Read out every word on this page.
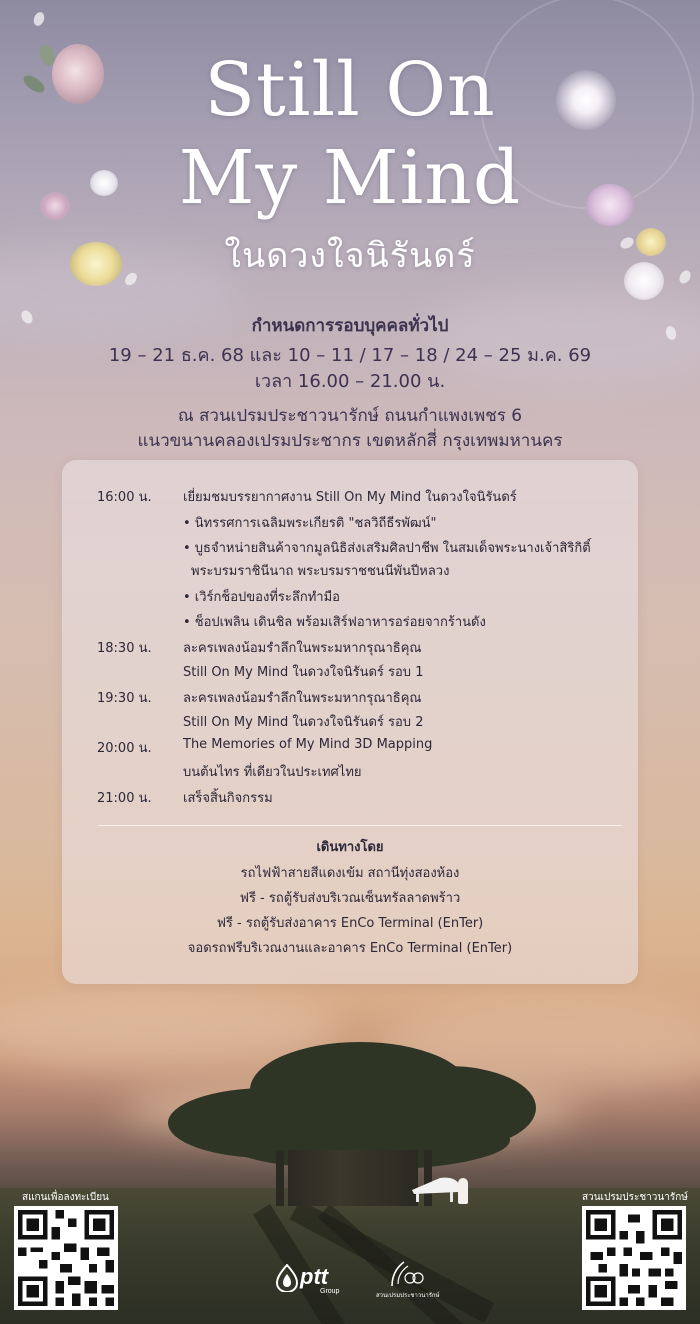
Still On
My Mind
ในดวงใจนิรันดร์
กำหนดการรอบบุคคลทั่วไป
19 – 21 ธ.ค. 68 และ 10 – 11 / 17 – 18 / 24 – 25 ม.ค. 69
เวลา 16.00 – 21.00 น.
ณ สวนเปรมประชาวนารักษ์ ถนนกำแพงเพชร 6
แนวขนานคลองเปรมประชากร เขตหลักสี่ กรุงเทพมหานคร
16:00 น. เยี่ยมชมบรรยากาศงาน Still On My Mind ในดวงใจนิรันดร์
• นิทรรศการเฉลิมพระเกียรติ "ชลวิถีธีรพัฒน์"
• บูธจำหน่ายสินค้าจากมูลนิธิส่งเสริมศิลปาชีพ ในสมเด็จพระนางเจ้าสิริกิติ์
พระบรมราชินีนาถ พระบรมราชชนนีพันปีหลวง
• เวิร์กช็อปของที่ระลึกทำมือ
• ช็อปเพลิน เดินชิล พร้อมเสิร์ฟอาหารอร่อยจากร้านดัง
18:30 น. ละครเพลงน้อมรำลึกในพระมหากรุณาธิคุณ
Still On My Mind ในดวงใจนิรันดร์ รอบ 1
19:30 น. ละครเพลงน้อมรำลึกในพระมหากรุณาธิคุณ
Still On My Mind ในดวงใจนิรันดร์ รอบ 2
20:00 น. The Memories of My Mind 3D Mapping
บนต้นไทร ที่เดียวในประเทศไทย
21:00 น. เสร็จสิ้นกิจกรรม
เดินทางโดย
รถไฟฟ้าสายสีแดงเข้ม สถานีทุ่งสองห้อง
ฟรี - รถตู้รับส่งบริเวณเซ็นทรัลลาดพร้าว
ฟรี - รถตู้รับส่งอาคาร EnCo Terminal (EnTer)
จอดรถฟรีบริเวณงานและอาคาร EnCo Terminal (EnTer)
สแกนเพื่อลงทะเบียน	สวนเปรมประชาวนารักษ์
ptt
Group
สวนเปรมประชาวนารักษ์
